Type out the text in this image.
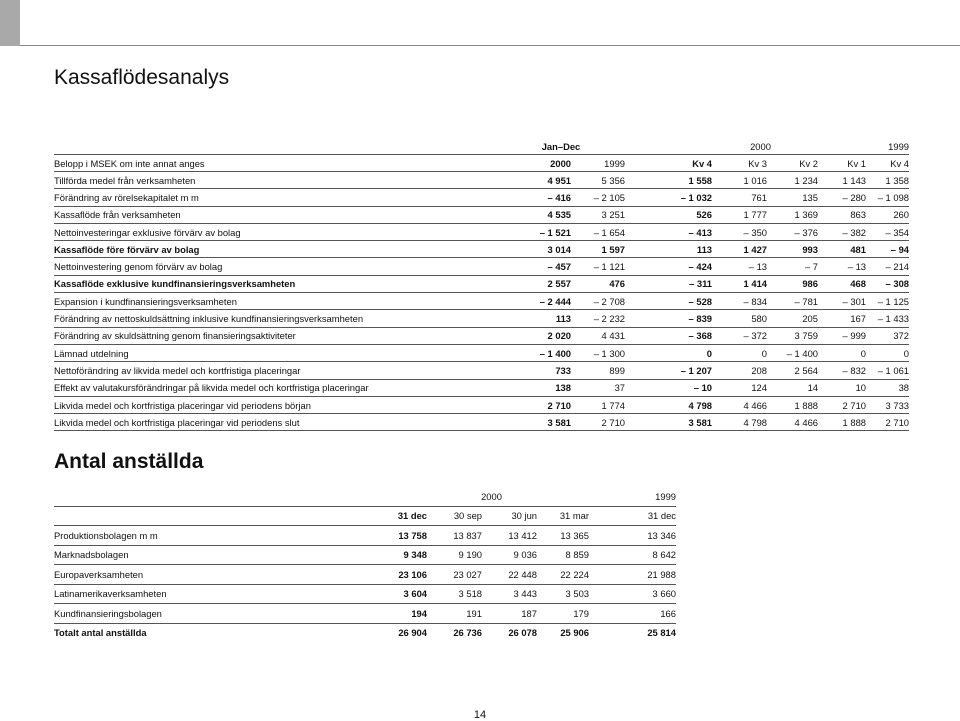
Kassaflödesanalys
	Jan–Dec		2000				1999
Belopp i MSEK om inte annat anges	2000	1999	Kv 4	Kv 3	Kv 2	Kv 1	Kv 4
Tillförda medel från verksamheten	4 951	5 356	1 558	1 016	1 234	1 143	1 358
Förändring av rörelsekapitalet m m	– 416	– 2 105	– 1 032	761	135	– 280	– 1 098
Kassaflöde från verksamheten	4 535	3 251	526	1 777	1 369	863	260
Nettoinvesteringar exklusive förvärv av bolag	– 1 521	– 1 654	– 413	– 350	– 376	– 382	– 354
Kassaflöde före förvärv av bolag	3 014	1 597	113	1 427	993	481	– 94
Nettoinvestering genom förvärv av bolag	– 457	– 1 121	– 424	– 13	– 7	– 13	– 214
Kassaflöde exklusive kundfinansieringsverksamheten	2 557	476	– 311	1 414	986	468	– 308
Expansion i kundfinansieringsverksamheten	– 2 444	– 2 708	– 528	– 834	– 781	– 301	– 1 125
Förändring av nettoskuldsättning inklusive kundfinansieringsverksamheten	113	– 2 232	– 839	580	205	167	– 1 433
Förändring av skuldsättning genom finansieringsaktiviteter	2 020	4 431	– 368	– 372	3 759	– 999	372
Lämnad utdelning	– 1 400	– 1 300	0	0	– 1 400	0	0
Nettoförändring av likvida medel och kortfristiga placeringar	733	899	– 1 207	208	2 564	– 832	– 1 061
Effekt av valutakursförändringar på likvida medel och kortfristiga placeringar	138	37	– 10	124	14	10	38
Likvida medel och kortfristiga placeringar vid periodens början	2 710	1 774	4 798	4 466	1 888	2 710	3 733
Likvida medel och kortfristiga placeringar vid periodens slut	3 581	2 710	3 581	4 798	4 466	1 888	2 710
Antal anställda
	2000				1999
	31 dec	30 sep	30 jun	31 mar	31 dec
Produktionsbolagen m m	13 758	13 837	13 412	13 365	13 346
Marknadsbolagen	9 348	9 190	9 036	8 859	8 642
Europaverksamheten	23 106	23 027	22 448	22 224	21 988
Latinamerikaverksamheten	3 604	3 518	3 443	3 503	3 660
Kundfinansieringsbolagen	194	191	187	179	166
Totalt antal anställda	26 904	26 736	26 078	25 906	25 814
14
